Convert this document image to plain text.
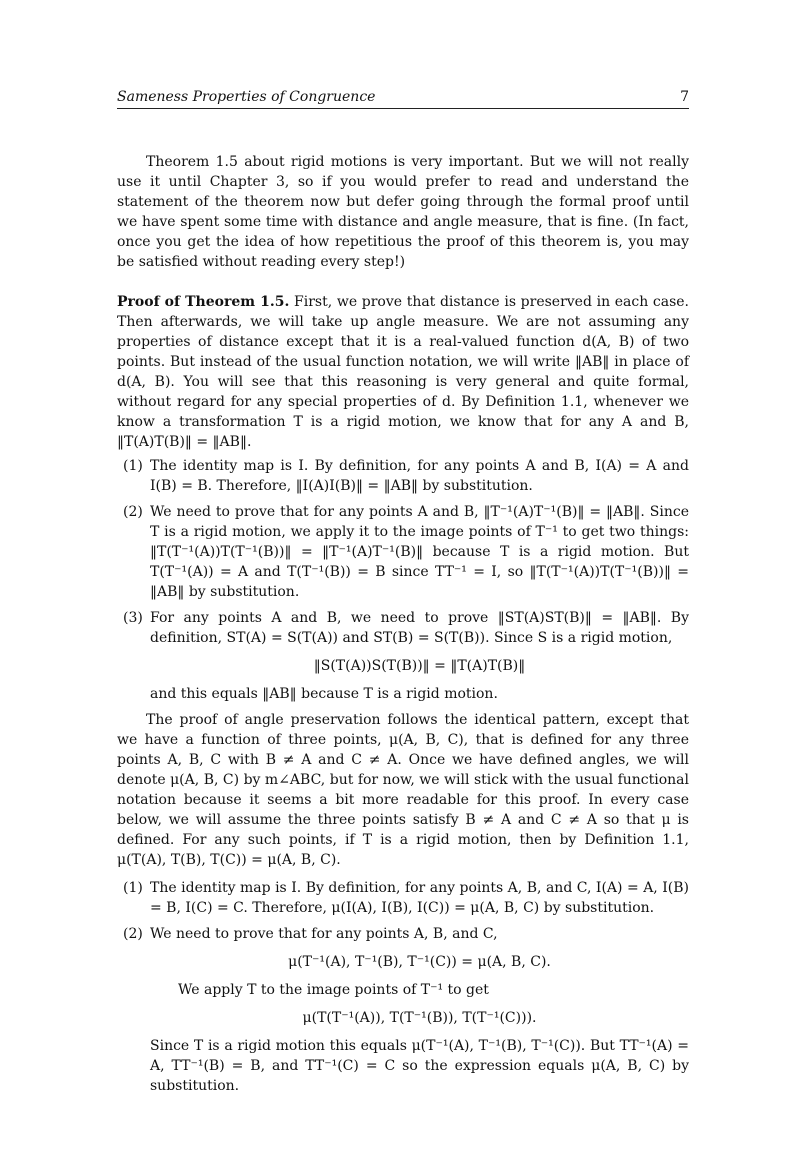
Sameness Properties of Congruence	7

Theorem 1.5 about rigid motions is very important. But we will not really use it until Chapter 3, so if you would prefer to read and understand the statement of the theorem now but defer going through the formal proof until we have spent some time with distance and angle measure, that is fine. (In fact, once you get the idea of how repetitious the proof of this theorem is, you may be satisfied without reading every step!)

Proof of Theorem 1.5. First, we prove that distance is preserved in each case. Then afterwards, we will take up angle measure. We are not assuming any properties of distance except that it is a real-valued function d(A, B) of two points. But instead of the usual function notation, we will write ‖AB‖ in place of d(A, B). You will see that this reasoning is very general and quite formal, without regard for any special properties of d. By Definition 1.1, whenever we know a transformation T is a rigid motion, we know that for any A and B, ‖T(A)T(B)‖ = ‖AB‖.

(1) The identity map is I. By definition, for any points A and B, I(A) = A and I(B) = B. Therefore, ‖I(A)I(B)‖ = ‖AB‖ by substitution.
(2) We need to prove that for any points A and B, ‖T⁻¹(A)T⁻¹(B)‖ = ‖AB‖. Since T is a rigid motion, we apply it to the image points of T⁻¹ to get two things: ‖T(T⁻¹(A))T(T⁻¹(B))‖ = ‖T⁻¹(A)T⁻¹(B)‖ because T is a rigid motion. But T(T⁻¹(A)) = A and T(T⁻¹(B)) = B since TT⁻¹ = I, so ‖T(T⁻¹(A))T(T⁻¹(B))‖ = ‖AB‖ by substitution.
(3) For any points A and B, we need to prove ‖ST(A)ST(B)‖ = ‖AB‖. By definition, ST(A) = S(T(A)) and ST(B) = S(T(B)). Since S is a rigid motion,
‖S(T(A))S(T(B))‖ = ‖T(A)T(B)‖

and this equals ‖AB‖ because T is a rigid motion.

The proof of angle preservation follows the identical pattern, except that we have a function of three points, μ(A, B, C), that is defined for any three points A, B, C with B ≠ A and C ≠ A. Once we have defined angles, we will denote μ(A, B, C) by m∠ABC, but for now, we will stick with the usual functional notation because it seems a bit more readable for this proof. In every case below, we will assume the three points satisfy B ≠ A and C ≠ A so that μ is defined. For any such points, if T is a rigid motion, then by Definition 1.1, μ(T(A), T(B), T(C)) = μ(A, B, C).

(1) The identity map is I. By definition, for any points A, B, and C, I(A) = A, I(B) = B, I(C) = C. Therefore, μ(I(A), I(B), I(C)) = μ(A, B, C) by substitution.
(2) We need to prove that for any points A, B, and C,
μ(T⁻¹(A), T⁻¹(B), T⁻¹(C)) = μ(A, B, C).
We apply T to the image points of T⁻¹ to get
μ(T(T⁻¹(A)), T(T⁻¹(B)), T(T⁻¹(C))).
Since T is a rigid motion this equals μ(T⁻¹(A), T⁻¹(B), T⁻¹(C)). But TT⁻¹(A) = A, TT⁻¹(B) = B, and TT⁻¹(C) = C so the expression equals μ(A, B, C) by substitution.
